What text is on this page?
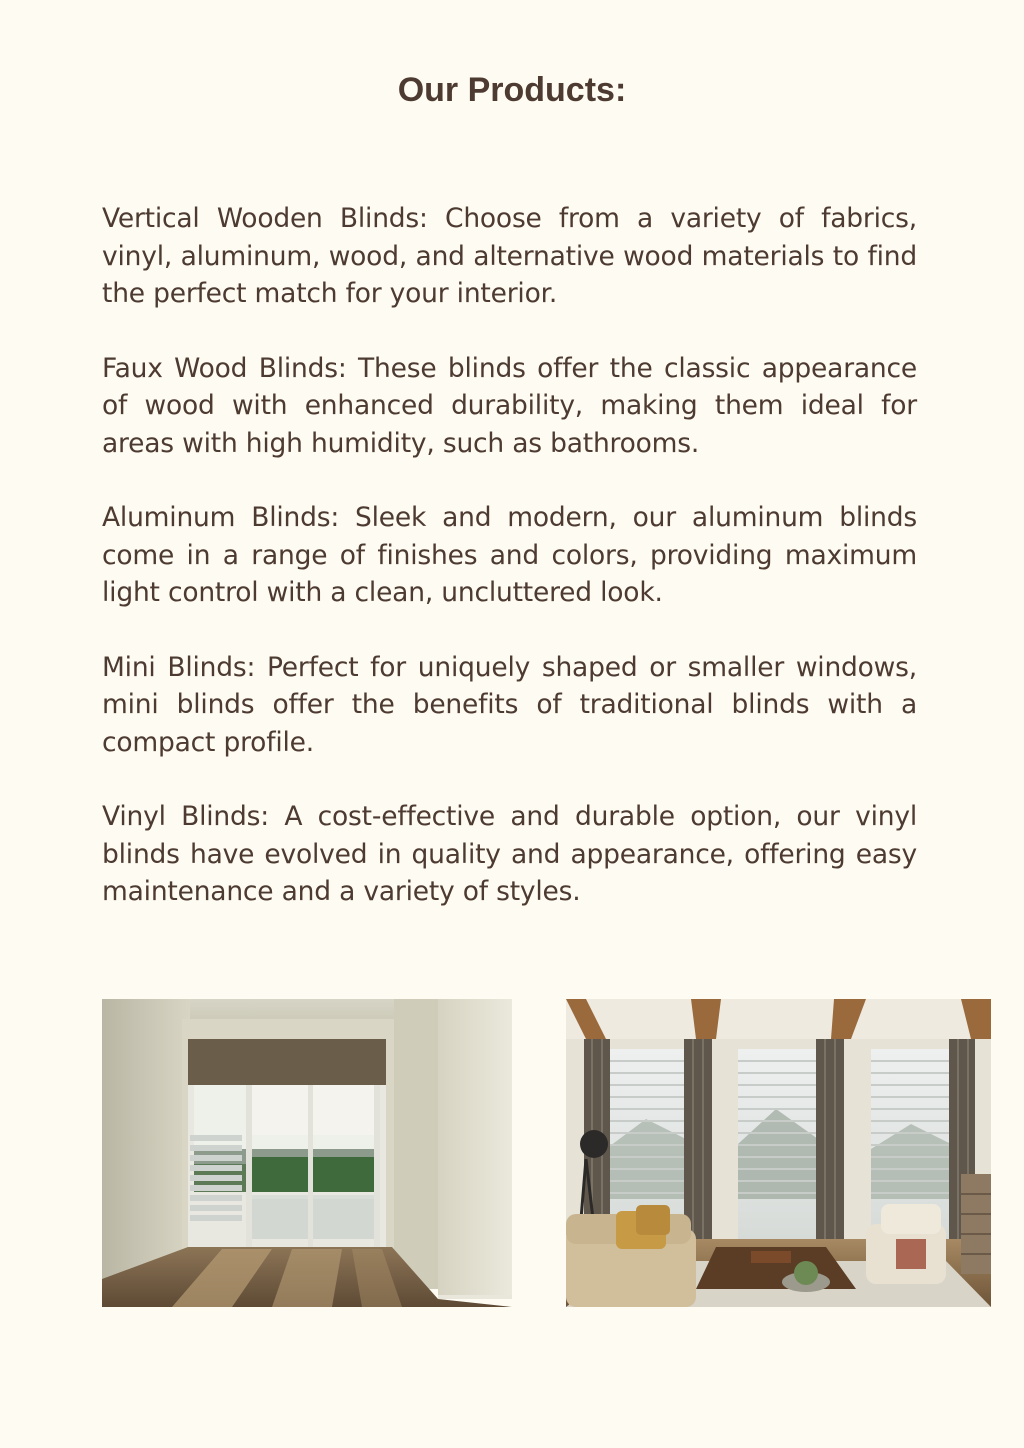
Our Products:

Vertical Wooden Blinds: Choose from a variety of fabrics, vinyl, aluminum, wood, and alternative wood materials to find the perfect match for your interior.

Faux Wood Blinds: These blinds offer the classic appearance of wood with enhanced durability, making them ideal for areas with high humidity, such as bathrooms.

Aluminum Blinds: Sleek and modern, our aluminum blinds come in a range of finishes and colors, providing maximum light control with a clean, uncluttered look.

Mini Blinds: Perfect for uniquely shaped or smaller windows, mini blinds offer the benefits of traditional blinds with a compact profile.

Vinyl Blinds: A cost-effective and durable option, our vinyl blinds have evolved in quality and appearance, offering easy maintenance and a variety of styles.
